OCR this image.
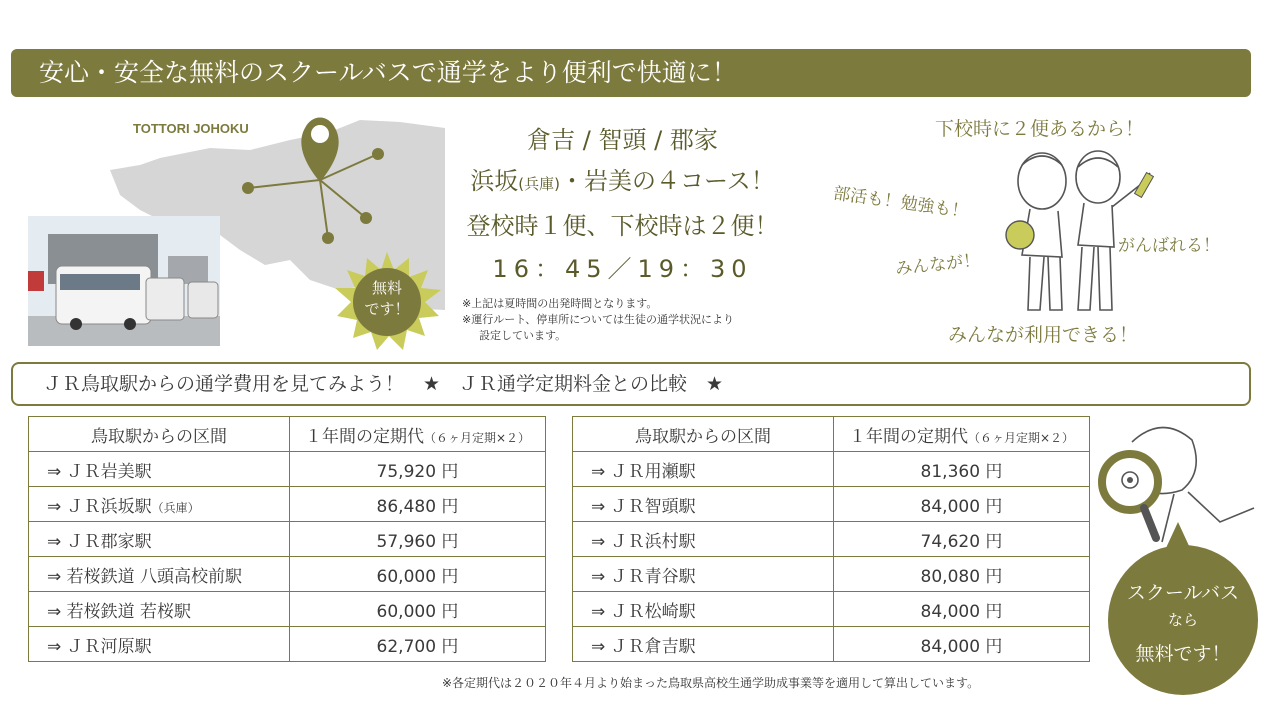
安心・安全な無料のスクールバスで通学をより便利で快適に！
TOTTORI JOHOKU
無料
です！
倉吉 / 智頭 / 郡家
浜坂(兵庫)・岩美の４コース！
登校時１便、下校時は２便！
16：45／19：30
※上記は夏時間の出発時間となります。
※運行ルート、停車所については生徒の通学状況により
設定しています。
下校時に２便あるから！
部活も！勉強も！
みんなが！
がんばれる！
みんなが利用できる！
ＪＲ鳥取駅からの通学費用を見てみよう！　★　ＪＲ通学定期料金との比較　★
鳥取駅からの区間	１年間の定期代（６ヶ月定期×２）
⇒ ＪＲ岩美駅	75,920 円
⇒ ＪＲ浜坂駅（兵庫）	86,480 円
⇒ ＪＲ郡家駅	57,960 円
⇒ 若桜鉄道 八頭高校前駅	60,000 円
⇒ 若桜鉄道 若桜駅	60,000 円
⇒ ＪＲ河原駅	62,700 円
鳥取駅からの区間	１年間の定期代（６ヶ月定期×２）
⇒ ＪＲ用瀬駅	81,360 円
⇒ ＪＲ智頭駅	84,000 円
⇒ ＪＲ浜村駅	74,620 円
⇒ ＪＲ青谷駅	80,080 円
⇒ ＪＲ松崎駅	84,000 円
⇒ ＪＲ倉吉駅	84,000 円
※各定期代は２０２０年４月より始まった鳥取県高校生通学助成事業等を適用して算出しています。
スクールバス
なら
無料です！
